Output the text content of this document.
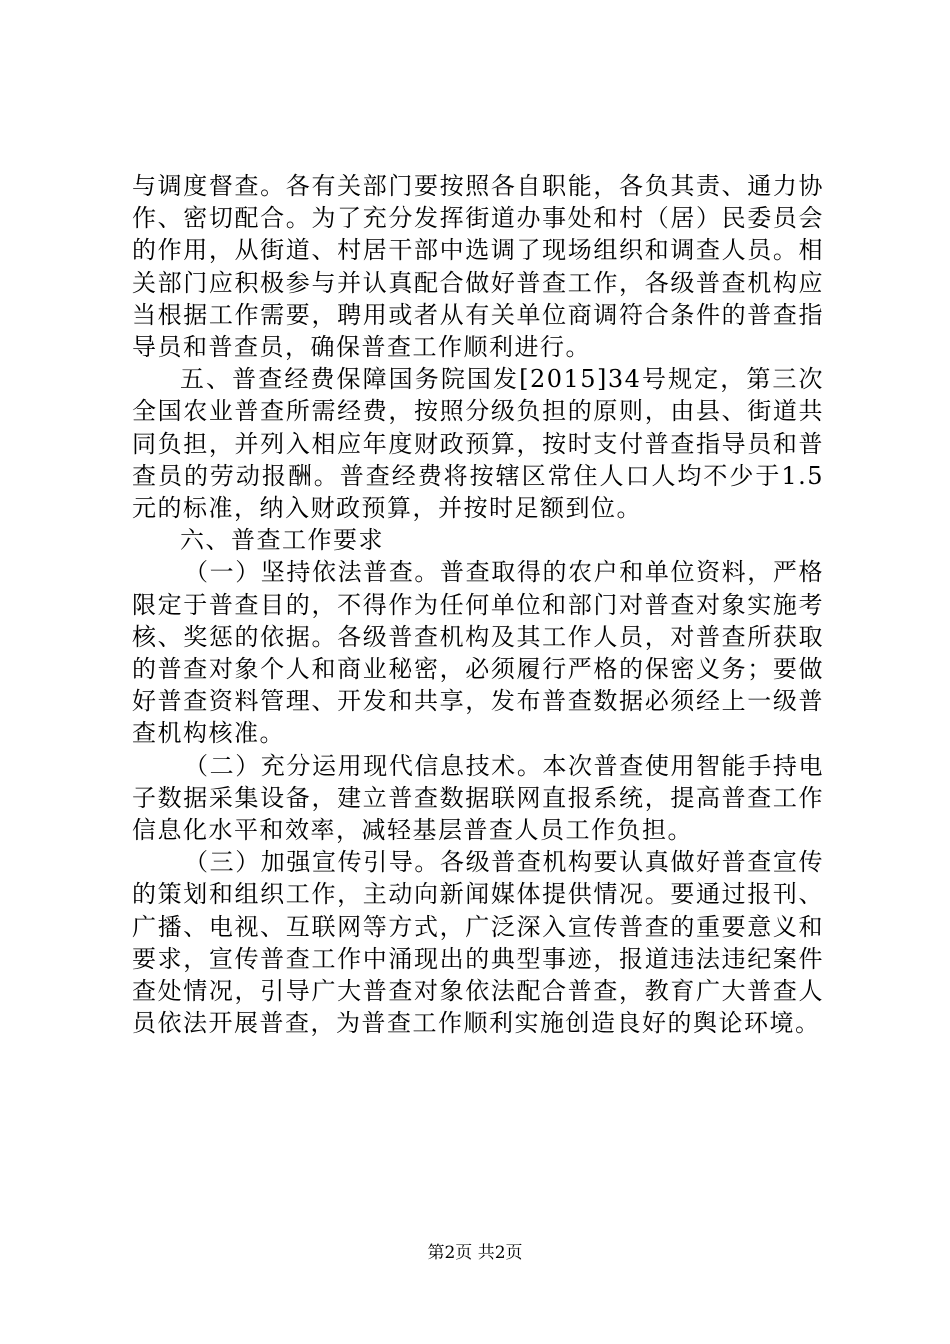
与调度督查。各有关部门要按照各自职能，各负其责、通力协作、密切配合。为了充分发挥街道办事处和村（居）民委员会的作用，从街道、村居干部中选调了现场组织和调查人员。相关部门应积极参与并认真配合做好普查工作，各级普查机构应当根据工作需要，聘用或者从有关单位商调符合条件的普查指导员和普查员，确保普查工作顺利进行。

五、普查经费保障国务院国发[2015]34号规定，第三次全国农业普查所需经费，按照分级负担的原则，由县、街道共同负担，并列入相应年度财政预算，按时支付普查指导员和普查员的劳动报酬。普查经费将按辖区常住人口人均不少于1.5元的标准，纳入财政预算，并按时足额到位。

六、普查工作要求

（一）坚持依法普查。普查取得的农户和单位资料，严格限定于普查目的，不得作为任何单位和部门对普查对象实施考核、奖惩的依据。各级普查机构及其工作人员，对普查所获取的普查对象个人和商业秘密，必须履行严格的保密义务；要做好普查资料管理、开发和共享，发布普查数据必须经上一级普查机构核准。

（二）充分运用现代信息技术。本次普查使用智能手持电子数据采集设备，建立普查数据联网直报系统，提高普查工作信息化水平和效率，减轻基层普查人员工作负担。

（三）加强宣传引导。各级普查机构要认真做好普查宣传的策划和组织工作，主动向新闻媒体提供情况。要通过报刊、广播、电视、互联网等方式，广泛深入宣传普查的重要意义和要求，宣传普查工作中涌现出的典型事迹，报道违法违纪案件查处情况，引导广大普查对象依法配合普查，教育广大普查人员依法开展普查，为普查工作顺利实施创造良好的舆论环境。

第2页 共2页
